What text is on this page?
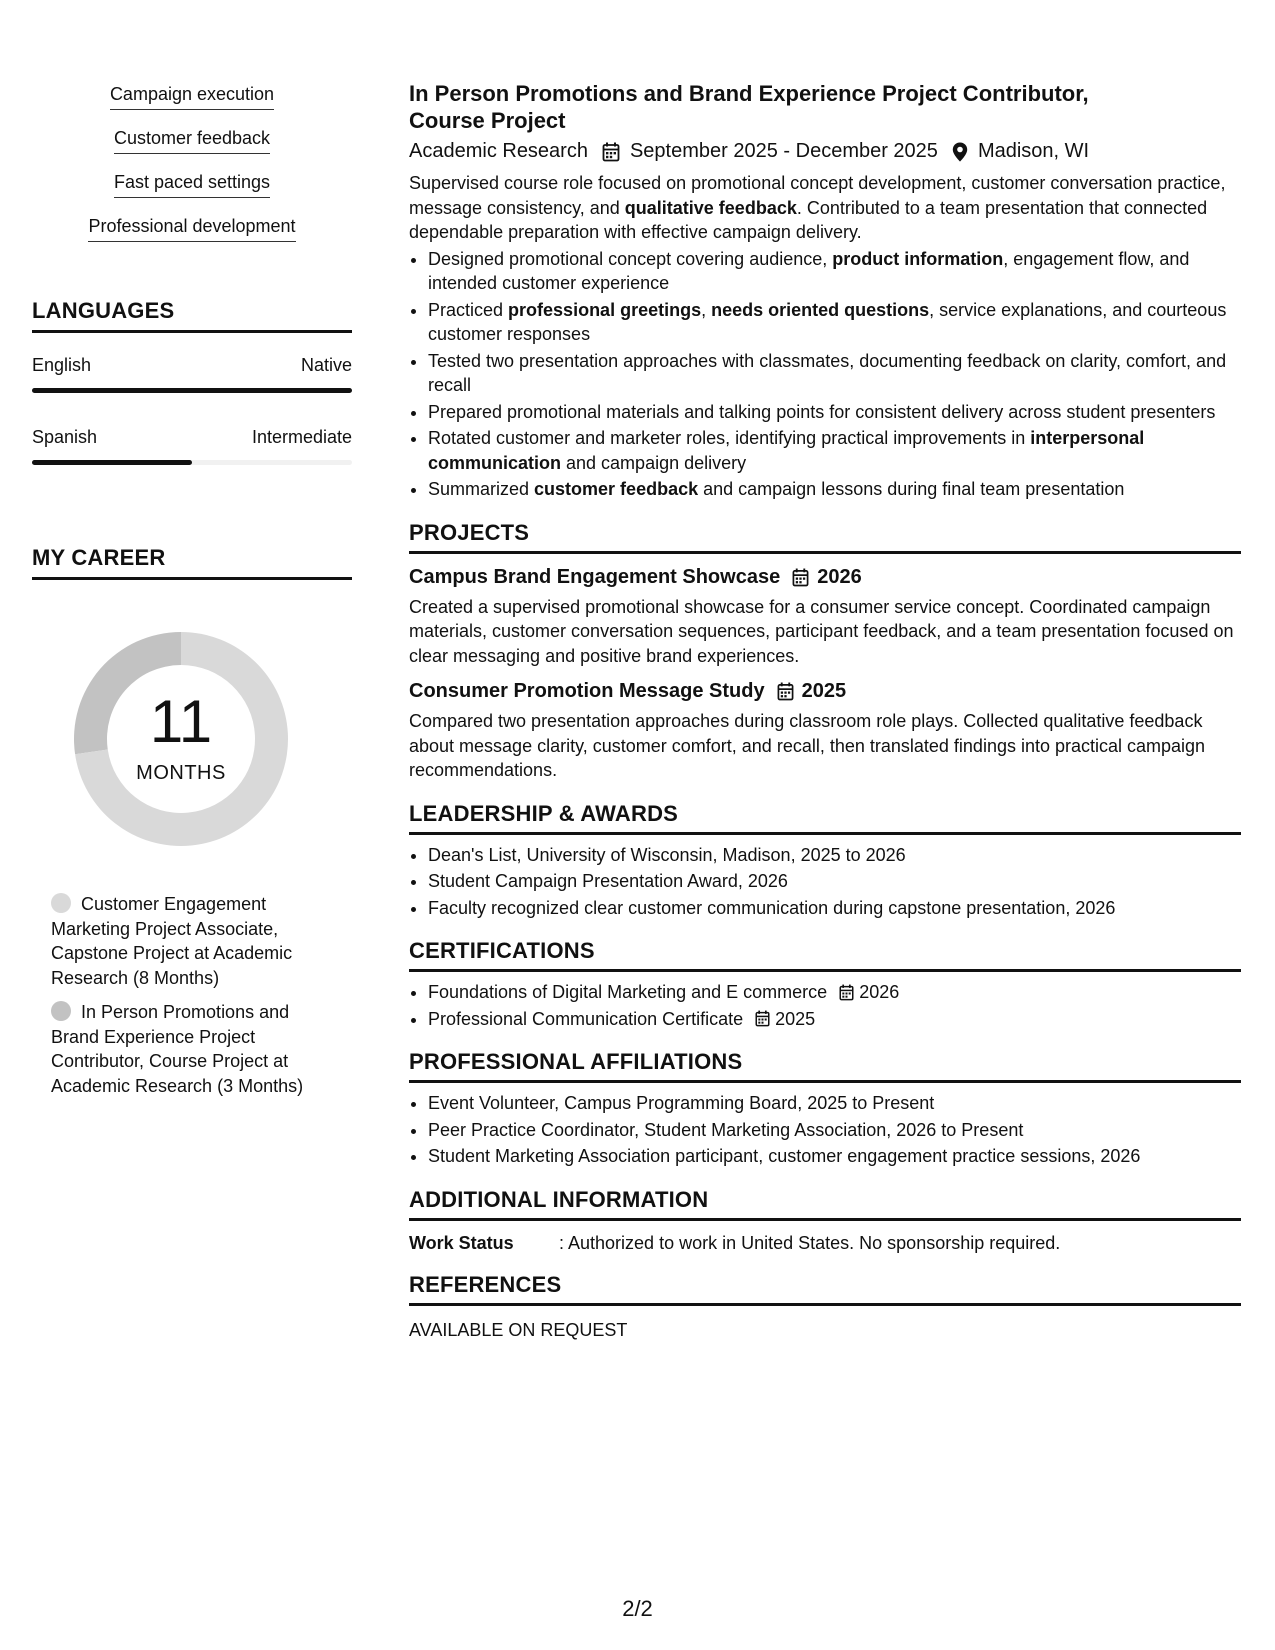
Campaign execution
Customer feedback
Fast paced settings
Professional development
LANGUAGES
English	Native
Spanish	Intermediate
MY CAREER
11
MONTHS
Customer Engagement Marketing Project Associate, Capstone Project at Academic Research (8 Months)
In Person Promotions and Brand Experience Project Contributor, Course Project at Academic Research (3 Months)
In Person Promotions and Brand Experience Project Contributor, Course Project
Academic Research September 2025 - December 2025 Madison, WI

Supervised course role focused on promotional concept development, customer conversation practice, message consistency, and qualitative feedback. Contributed to a team presentation that connected dependable preparation with effective campaign delivery.

• Designed promotional concept covering audience, product information, engagement flow, and intended customer experience
• Practiced professional greetings, needs oriented questions, service explanations, and courteous customer responses
• Tested two presentation approaches with classmates, documenting feedback on clarity, comfort, and recall
• Prepared promotional materials and talking points for consistent delivery across student presenters
• Rotated customer and marketer roles, identifying practical improvements in interpersonal communication and campaign delivery
• Summarized customer feedback and campaign lessons during final team presentation
PROJECTS
Campus Brand Engagement Showcase 2026

Created a supervised promotional showcase for a consumer service concept. Coordinated campaign materials, customer conversation sequences, participant feedback, and a team presentation focused on clear messaging and positive brand experiences.

Consumer Promotion Message Study 2025

Compared two presentation approaches during classroom role plays. Collected qualitative feedback about message clarity, customer comfort, and recall, then translated findings into practical campaign recommendations.

LEADERSHIP & AWARDS
• Dean's List, University of Wisconsin, Madison, 2025 to 2026
• Student Campaign Presentation Award, 2026
• Faculty recognized clear customer communication during capstone presentation, 2026
CERTIFICATIONS
• Foundations of Digital Marketing and E commerce 2026
• Professional Communication Certificate 2025
PROFESSIONAL AFFILIATIONS
• Event Volunteer, Campus Programming Board, 2025 to Present
• Peer Practice Coordinator, Student Marketing Association, 2026 to Present
• Student Marketing Association participant, customer engagement practice sessions, 2026
ADDITIONAL INFORMATION
Work Status	: Authorized to work in United States. No sponsorship required.
REFERENCES
AVAILABLE ON REQUEST
2/2
